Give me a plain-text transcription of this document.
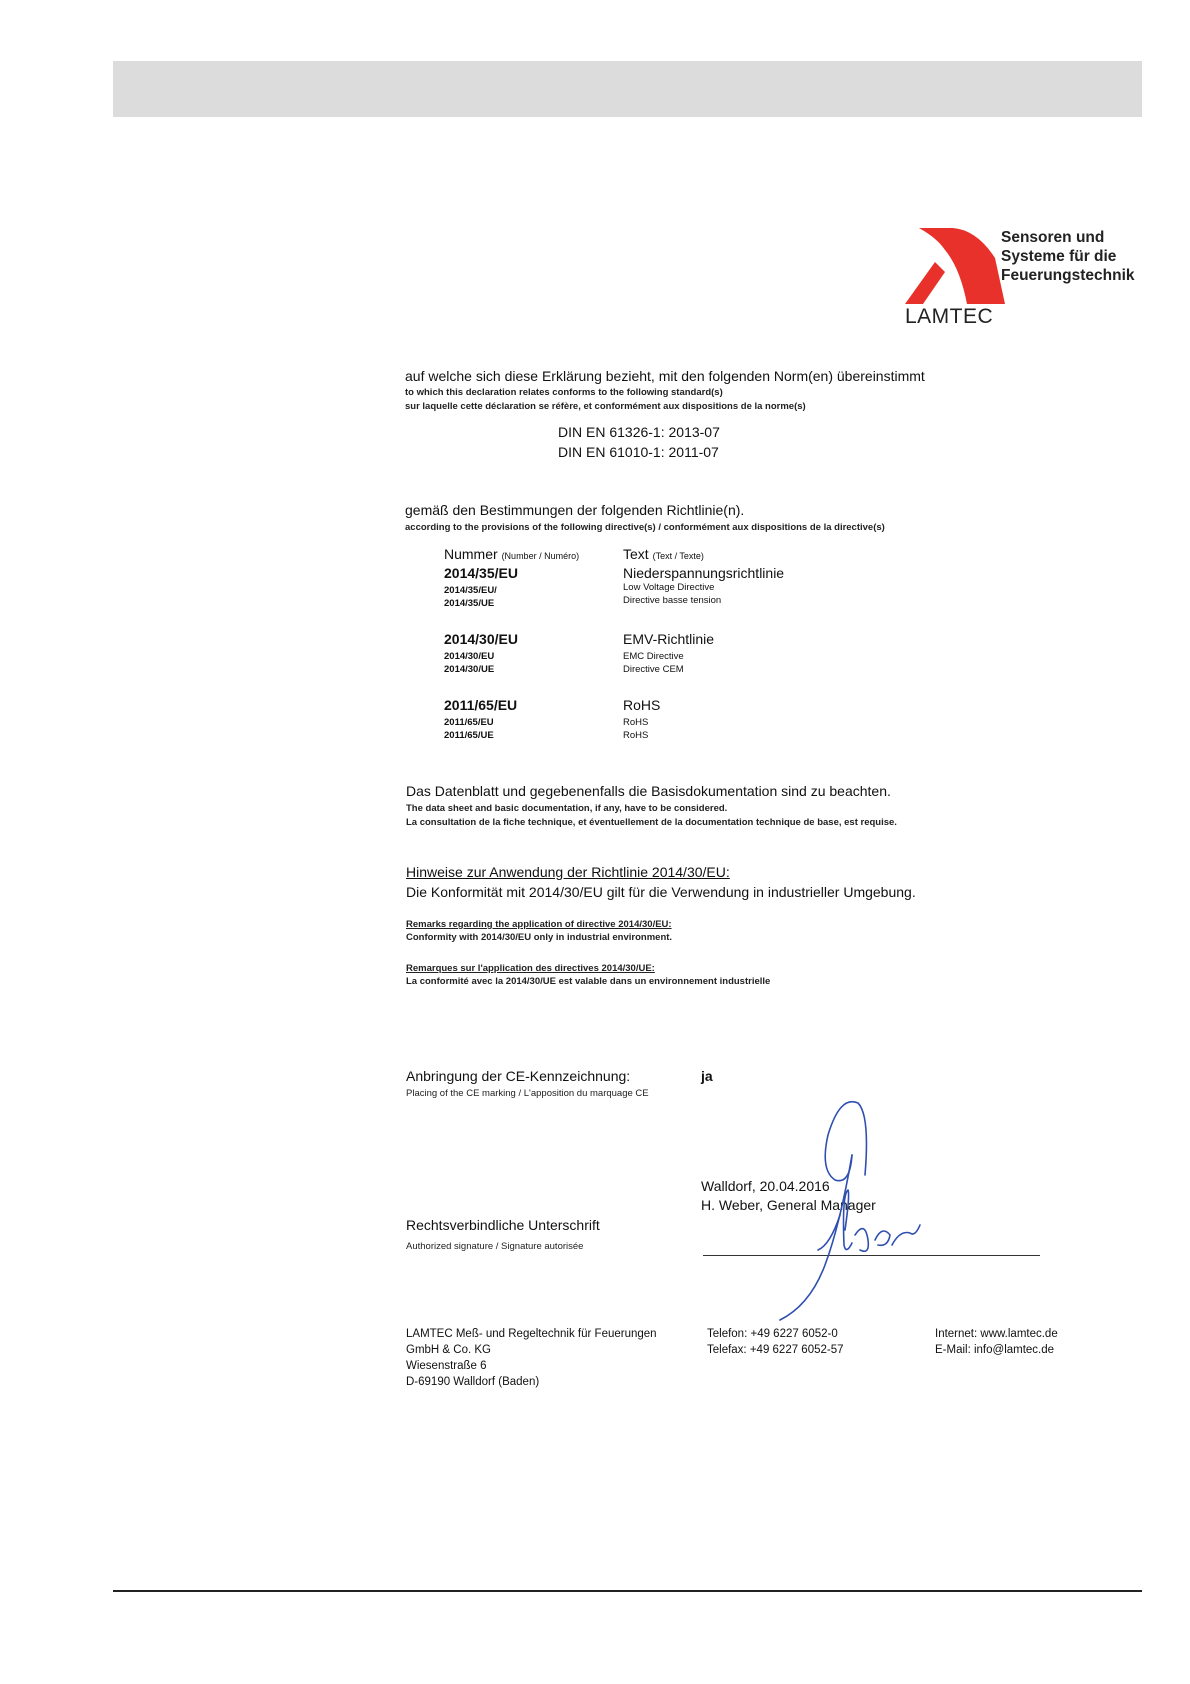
Sensoren und
Systeme für die
Feuerungstechnik
LAMTEC
auf welche sich diese Erklärung bezieht, mit den folgenden Norm(en) übereinstimmt
to which this declaration relates conforms to the following standard(s)
sur laquelle cette déclaration se réfère, et conformément aux dispositions de la norme(s)
DIN EN 61326-1: 2013-07
DIN EN 61010-1: 2011-07
gemäß den Bestimmungen der folgenden Richtlinie(n).
according to the provisions of the following directive(s) / conformément aux dispositions de la directive(s)
Nummer (Number / Numéro)	Text (Text / Texte)
2014/35/EU
2014/35/EU/
2014/35/UE
Niederspannungsrichtlinie
Low Voltage Directive
Directive basse tension
2014/30/EU
2014/30/EU
2014/30/UE
EMV-Richtlinie
EMC Directive
Directive CEM
2011/65/EU
2011/65/EU
2011/65/UE
RoHS
RoHS
RoHS
Das Datenblatt und gegebenenfalls die Basisdokumentation sind zu beachten.
The data sheet and basic documentation, if any, have to be considered.
La consultation de la fiche technique, et éventuellement de la documentation technique de base, est requise.
Hinweise zur Anwendung der Richtlinie 2014/30/EU:
Die Konformität mit 2014/30/EU gilt für die Verwendung in industrieller Umgebung.
Remarks regarding the application of directive 2014/30/EU:
Conformity with 2014/30/EU only in industrial environment.
Remarques sur l'application des directives 2014/30/UE:
La conformité avec la 2014/30/UE est valable dans un environnement industrielle
Anbringung der CE-Kennzeichnung:
Placing of the CE marking / L'apposition du marquage CE
ja
Walldorf, 20.04.2016
H. Weber, General Manager
Rechtsverbindliche Unterschrift
Authorized signature / Signature autorisée
LAMTEC Meß- und Regeltechnik für Feuerungen
GmbH & Co. KG
Wiesenstraße 6
D-69190 Walldorf (Baden)
Telefon: +49 6227 6052-0
Telefax: +49 6227 6052-57
Internet: www.lamtec.de
E-Mail: info@lamtec.de
